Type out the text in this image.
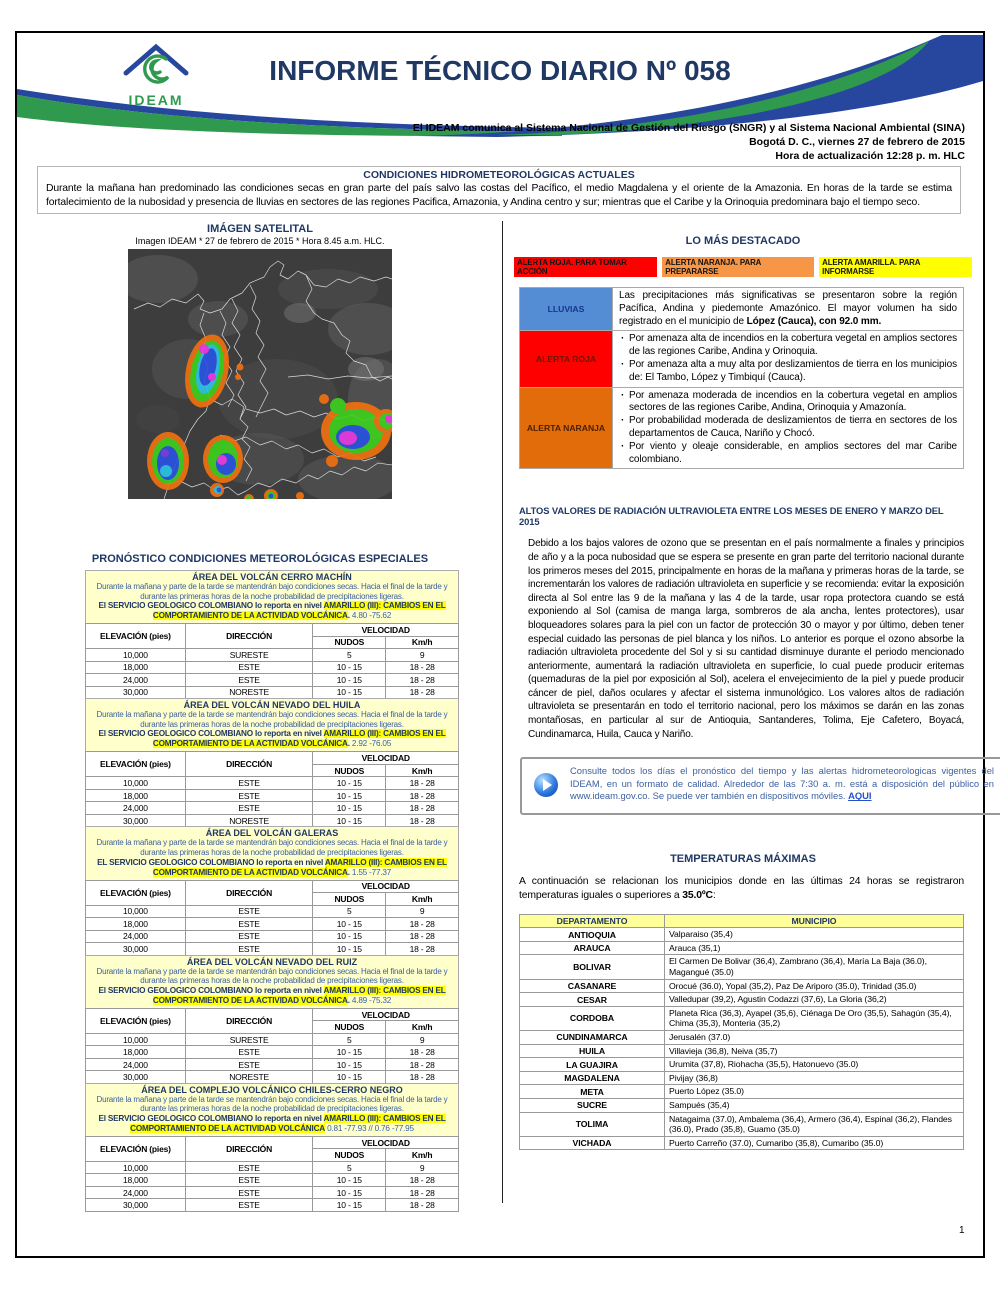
IDEAM
INFORME TÉCNICO DIARIO Nº 058
El IDEAM comunica al Sistema Nacional de Gestión del Riesgo (SNGR) y al Sistema Nacional Ambiental (SINA)
Bogotá D. C., viernes 27 de febrero de 2015
Hora de actualización 12:28 p. m. HLC
CONDICIONES HIDROMETEOROLÓGICAS ACTUALES
Durante la mañana han predominado las condiciones secas en gran parte del país salvo las costas del Pacífico, el medio Magdalena y el oriente de la Amazonia. En horas de la tarde se estima fortalecimiento de la nubosidad y presencia de lluvias en sectores de las regiones Pacifica, Amazonia, y Andina centro y sur; mientras que el Caribe y la Orinoquia predominara bajo el tiempo seco.
IMÁGEN SATELITAL
Imagen IDEAM * 27 de febrero de 2015 * Hora 8.45 a.m. HLC.
PRONÓSTICO CONDICIONES METEOROLÓGICAS ESPECIALES
ÁREA DEL VOLCÁN CERRO MACHÍN
Durante la mañana y parte de la tarde se mantendrán bajo condiciones secas. Hacia el final de la tarde y durante las primeras horas de la noche probabilidad de precipitaciones ligeras.
El SERVICIO GEOLOGICO COLOMBIANO lo reporta en nivel AMARILLO (III): CAMBIOS EN EL COMPORTAMIENTO DE LA ACTIVIDAD VOLCÁNICA. 4.80 -75.62
ELEVACIÓN (pies)	DIRECCIÓN	VELOCIDAD	
		NUDOS	Km/h
10,000	SURESTE	5	9
18,000	ESTE	10 - 15	18 - 28
24,000	ESTE	10 - 15	18 - 28
30,000	NORESTE	10 - 15	18 - 28
ÁREA DEL VOLCÁN NEVADO DEL HUILA
Durante la mañana y parte de la tarde se mantendrán bajo condiciones secas. Hacia el final de la tarde y durante las primeras horas de la noche probabilidad de precipitaciones ligeras.
El SERVICIO GEOLOGICO COLOMBIANO lo reporta en nivel AMARILLO (III): CAMBIOS EN EL COMPORTAMIENTO DE LA ACTIVIDAD VOLCÁNICA. 2.92 -76.05
ELEVACIÓN (pies)	DIRECCIÓN	VELOCIDAD	
		NUDOS	Km/h
10,000	ESTE	10 - 15	18 - 28
18,000	ESTE	10 - 15	18 - 28
24,000	ESTE	10 - 15	18 - 28
30,000	NORESTE	10 - 15	18 - 28
ÁREA DEL VOLCÁN GALERAS
Durante la mañana y parte de la tarde se mantendrán bajo condiciones secas. Hacia el final de la tarde y durante las primeras horas de la noche probabilidad de precipitaciones ligeras.
EL SERVICIO GEOLOGICO COLOMBIANO lo reporta en nivel AMARILLO (III): CAMBIOS EN EL COMPORTAMIENTO DE LA ACTIVIDAD VOLCÁNICA. 1.55 -77.37
ELEVACIÓN (pies)	DIRECCIÓN	VELOCIDAD	
		NUDOS	Km/h
10,000	ESTE	5	9
18,000	ESTE	10 - 15	18 - 28
24,000	ESTE	10 - 15	18 - 28
30,000	ESTE	10 - 15	18 - 28
ÁREA DEL VOLCÁN NEVADO DEL RUIZ
Durante la mañana y parte de la tarde se mantendrán bajo condiciones secas. Hacia el final de la tarde y durante las primeras horas de la noche probabilidad de precipitaciones ligeras.
El SERVICIO GEOLOGICO COLOMBIANO lo reporta en nivel AMARILLO (III): CAMBIOS EN EL COMPORTAMIENTO DE LA ACTIVIDAD VOLCÁNICA. 4.89 -75.32
ELEVACIÓN (pies)	DIRECCIÓN	VELOCIDAD	
		NUDOS	Km/h
10,000	SURESTE	5	9
18,000	ESTE	10 - 15	18 - 28
24,000	ESTE	10 - 15	18 - 28
30,000	NORESTE	10 - 15	18 - 28
ÁREA DEL COMPLEJO VOLCÁNICO CHILES-CERRO NEGRO
Durante la mañana y parte de la tarde se mantendrán bajo condiciones secas. Hacia el final de la tarde y durante las primeras horas de la noche probabilidad de precipitaciones ligeras.
El SERVICIO GEOLOGICO COLOMBIANO lo reporta en nivel AMARILLO (III): CAMBIOS EN EL COMPORTAMIENTO DE LA ACTIVIDAD VOLCÁNICA 0.81 -77.93 // 0.76 -77.95
ELEVACIÓN (pies)	DIRECCIÓN	VELOCIDAD	
		NUDOS	Km/h
10,000	ESTE	5	9
18,000	ESTE	10 - 15	18 - 28
24,000	ESTE	10 - 15	18 - 28
30,000	ESTE	10 - 15	18 - 28
LO MÁS DESTACADO
ALERTA ROJA. PARA TOMAR ACCIÓN
ALERTA NARANJA. PARA PREPARARSE
ALERTA AMARILLA. PARA INFORMARSE
LLUVIAS	Las precipitaciones más significativas se presentaron sobre la región Pacífica, Andina y piedemonte Amazónico. El mayor volumen ha sido registrado en el municipio de López (Cauca), con 92.0 mm.
ALERTA ROJA	· Por amenaza alta de incendios en la cobertura vegetal en amplios sectores de las regiones Caribe, Andina y Orinoquia.
· Por amenaza alta a muy alta por deslizamientos de tierra en los municipios de: El Tambo, López y Timbiquí (Cauca).

ALERTA NARANJA	· Por amenaza moderada de incendios en la cobertura vegetal en amplios sectores de las regiones Caribe, Andina, Orinoquia y Amazonía.
· Por probabilidad moderada de deslizamientos de tierra en sectores de los departamentos de Cauca, Nariño y Chocó.
· Por viento y oleaje considerable, en amplios sectores del mar Caribe colombiano.
ALTOS VALORES DE RADIACIÓN ULTRAVIOLETA ENTRE LOS MESES DE ENERO Y MARZO DEL 2015
Debido a los bajos valores de ozono que se presentan en el país normalmente a finales y principios de año y a la poca nubosidad que se espera se presente en gran parte del territorio nacional durante los primeros meses del 2015, principalmente en horas de la mañana y primeras horas de la tarde, se incrementarán los valores de radiación ultravioleta en superficie y se recomienda: evitar la exposición directa al Sol entre las 9 de la mañana y las 4 de la tarde, usar ropa protectora cuando se está exponiendo al Sol (camisa de manga larga, sombreros de ala ancha, lentes protectores), usar bloqueadores solares para la piel con un factor de protección 30 o mayor y por último, deben tener especial cuidado las personas de piel blanca y los niños. Lo anterior es porque el ozono absorbe la radiación ultravioleta procedente del Sol y si su cantidad disminuye durante el periodo mencionado anteriormente, aumentará la radiación ultravioleta en superficie, lo cual puede producir eritemas (quemaduras de la piel por exposición al Sol), acelera el envejecimiento de la piel y puede producir cáncer de piel, daños oculares y afectar el sistema inmunológico. Los valores altos de radiación ultravioleta se presentarán en todo el territorio nacional, pero los máximos se darán en las zonas montañosas, en particular al sur de Antioquia, Santanderes, Tolima, Eje Cafetero, Boyacá, Cundinamarca, Huila, Cauca y Nariño.
Consulte todos los días el pronóstico del tiempo y las alertas hidrometeorologicas vigentes del IDEAM, en un formato de calidad. Alrededor de las 7:30 a. m. está a disposición del público en www.ideam.gov.co. Se puede ver también en dispositivos móviles. AQUI
TEMPERATURAS MÁXIMAS
A continuación se relacionan los municipios donde en las últimas 24 horas se registraron temperaturas iguales o superiores a 35.0ºC:
DEPARTAMENTO	MUNICIPIO
ANTIOQUIA	Valparaiso (35,4)
ARAUCA	Arauca (35,1)
BOLIVAR	El Carmen De Bolivar (36,4), Zambrano (36,4), María La Baja (36.0), Magangué (35.0)
CASANARE	Orocué (36.0), Yopal (35,2), Paz De Ariporo (35.0), Trinidad (35.0)
CESAR	Valledupar (39,2), Agustin Codazzi (37,6), La Gloria (36,2)
CORDOBA	Planeta Rica (36,3), Ayapel (35,6), Ciénaga De Oro (35,5), Sahagún (35,4), Chima (35,3), Monteria (35,2)
CUNDINAMARCA	Jerusalén (37.0)
HUILA	Villavieja (36,8), Neiva (35,7)
LA GUAJIRA	Urumita (37,8), Riohacha (35,5), Hatonuevo (35.0)
MAGDALENA	Pivijay (36,8)
META	Puerto López (35.0)
SUCRE	Sampués (35,4)
TOLIMA	Natagaima (37.0), Ambalema (36,4), Armero (36,4), Espinal (36,2), Flandes (36.0), Prado (35,8), Guamo (35.0)
VICHADA	Puerto Carreño (37.0), Cumaribo (35,8), Cumaribo (35.0)
1
